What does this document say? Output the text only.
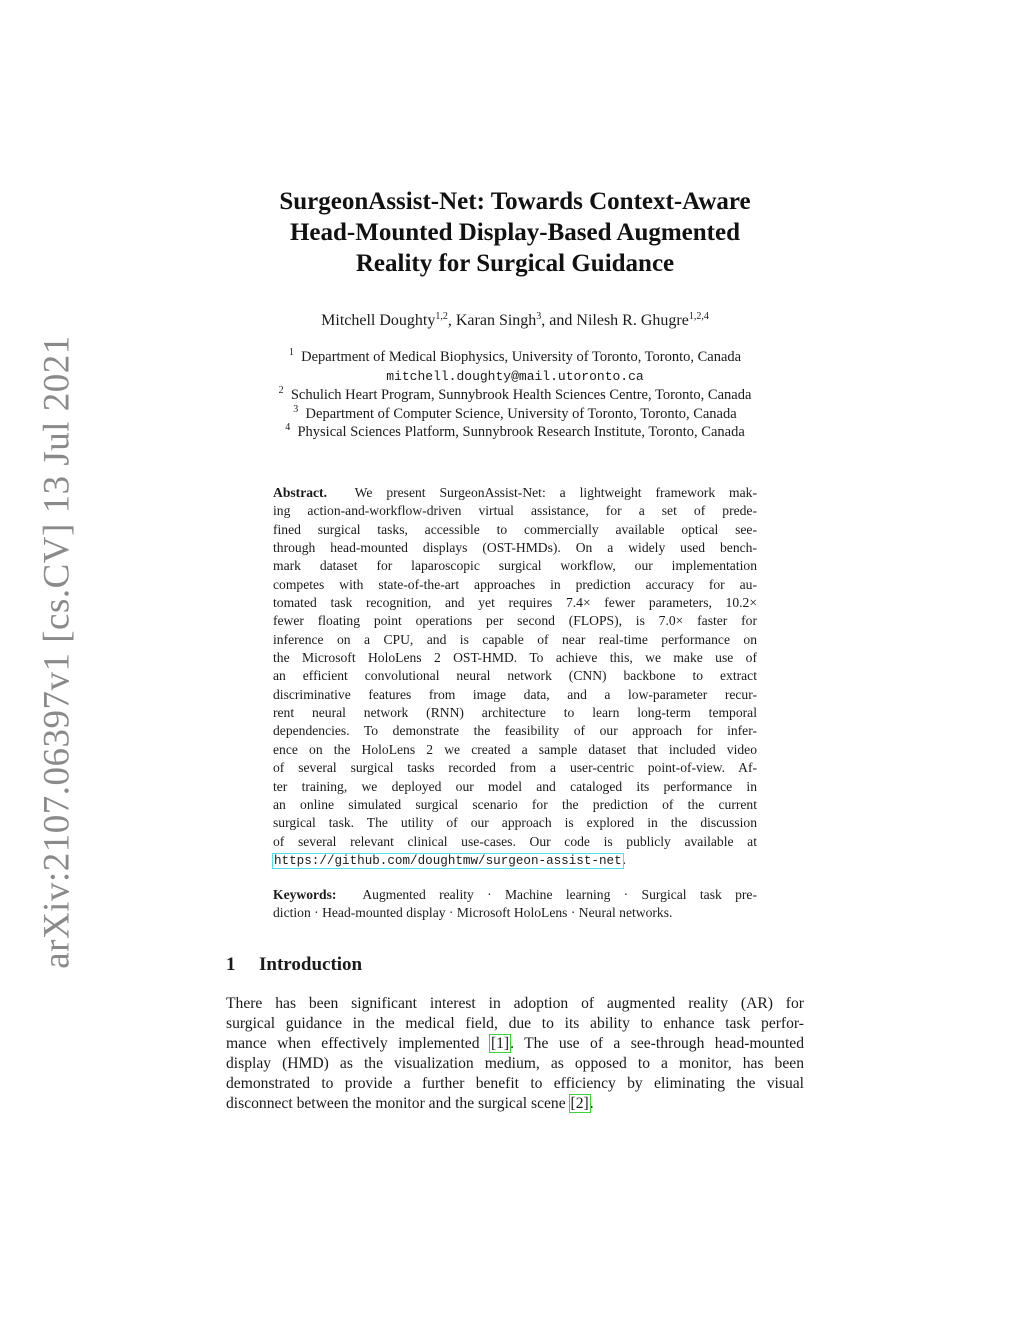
arXiv:2107.06397v1 [cs.CV] 13 Jul 2021
SurgeonAssist-Net: Towards Context-Aware
Head-Mounted Display-Based Augmented
Reality for Surgical Guidance
Mitchell Doughty$^{1,2}$, Karan Singh$^3$, and Nilesh R. Ghugre$^{1,2,4}$
$^1$ Department of Medical Biophysics, University of Toronto, Toronto, Canada
mitchell.doughty@mail.utoronto.ca
$^2$ Schulich Heart Program, Sunnybrook Health Sciences Centre, Toronto, Canada
$^3$ Department of Computer Science, University of Toronto, Toronto, Canada
$^4$ Physical Sciences Platform, Sunnybrook Research Institute, Toronto, Canada
Abstract. We present SurgeonAssist-Net: a lightweight framework mak-
ing action-and-workflow-driven virtual assistance, for a set of prede-
fined surgical tasks, accessible to commercially available optical see-
through head-mounted displays (OST-HMDs). On a widely used bench-
mark dataset for laparoscopic surgical workflow, our implementation
competes with state-of-the-art approaches in prediction accuracy for au-
tomated task recognition, and yet requires 7.4× fewer parameters, 10.2×
fewer floating point operations per second (FLOPS), is 7.0× faster for
inference on a CPU, and is capable of near real-time performance on
the Microsoft HoloLens 2 OST-HMD. To achieve this, we make use of
an efficient convolutional neural network (CNN) backbone to extract
discriminative features from image data, and a low-parameter recur-
rent neural network (RNN) architecture to learn long-term temporal
dependencies. To demonstrate the feasibility of our approach for infer-
ence on the HoloLens 2 we created a sample dataset that included video
of several surgical tasks recorded from a user-centric point-of-view. Af-
ter training, we deployed our model and cataloged its performance in
an online simulated surgical scenario for the prediction of the current
surgical task. The utility of our approach is explored in the discussion
of several relevant clinical use-cases. Our code is publicly available at
https://github.com/doughtmw/surgeon-assist-net.
Keywords: Augmented reality · Machine learning · Surgical task pre-
diction · Head-mounted display · Microsoft HoloLens · Neural networks.
1 Introduction
There has been significant interest in adoption of augmented reality (AR) for
surgical guidance in the medical field, due to its ability to enhance task perfor-
mance when effectively implemented [1]. The use of a see-through head-mounted
display (HMD) as the visualization medium, as opposed to a monitor, has been
demonstrated to provide a further benefit to efficiency by eliminating the visual
disconnect between the monitor and the surgical scene [2].
